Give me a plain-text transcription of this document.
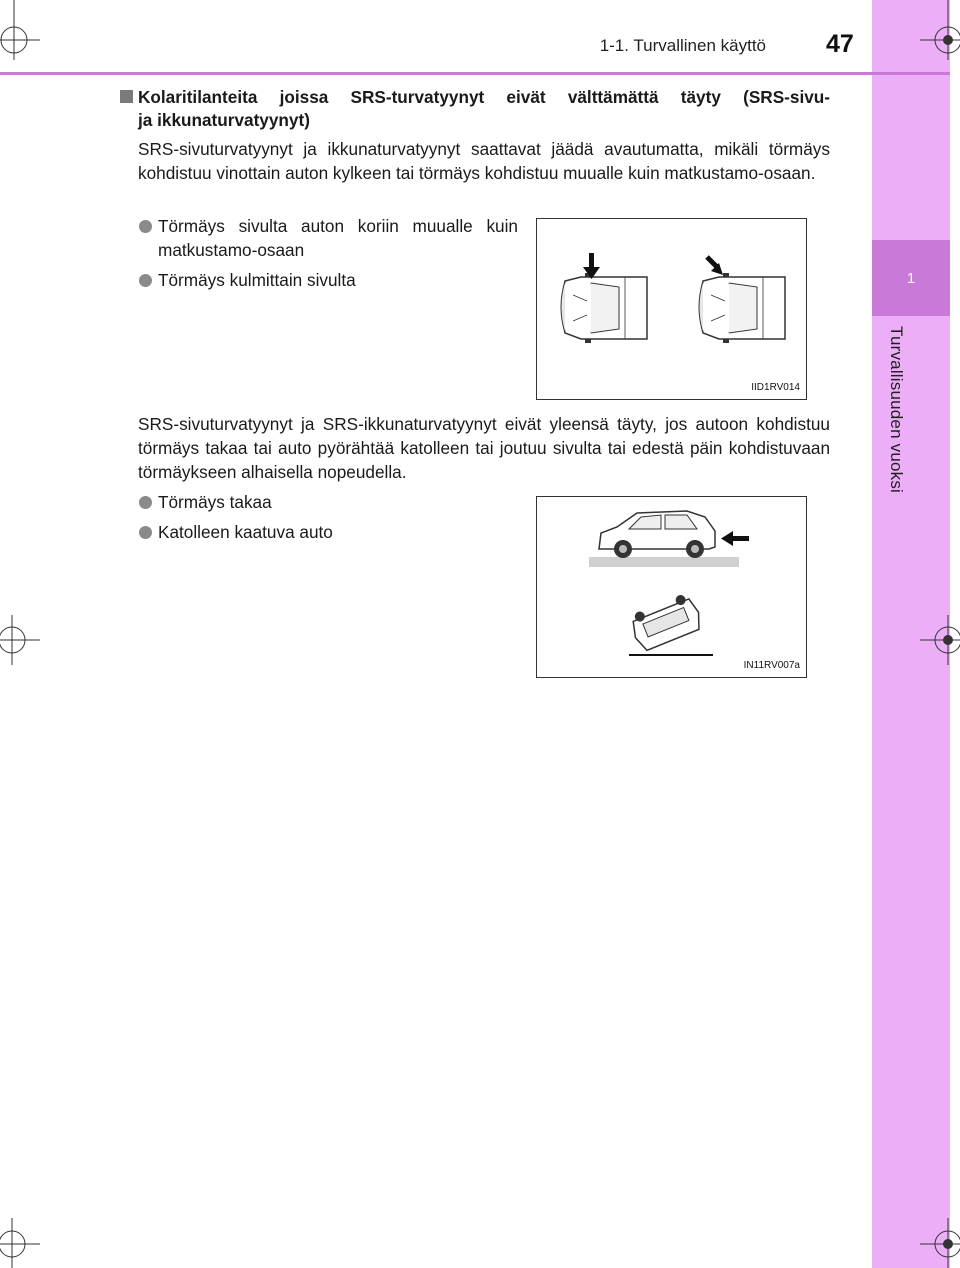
1
Turvallisuuden vuoksi
1-1. Turvallinen käyttö 47
Kolaritilanteita joissa SRS-turvatyynyt eivät välttämättä täyty (SRS-sivu-
ja ikkunaturvatyynyt)
SRS-sivuturvatyynyt ja ikkunaturvatyynyt saattavat jäädä avautumatta, mikäli törmäys kohdistuu vinottain auton kylkeen tai törmäys kohdistuu muualle kuin matkustamo-osaan.
Törmäys sivulta auton koriin muualle kuin matkustamo-osaan
Törmäys kulmittain sivulta
IID1RV014
SRS-sivuturvatyynyt ja SRS-ikkunaturvatyynyt eivät yleensä täyty, jos autoon kohdistuu törmäys takaa tai auto pyörähtää katolleen tai joutuu sivulta tai edestä päin kohdistuvaan törmäykseen alhaisella nopeudella.
Törmäys takaa
Katolleen kaatuva auto
IN11RV007a
